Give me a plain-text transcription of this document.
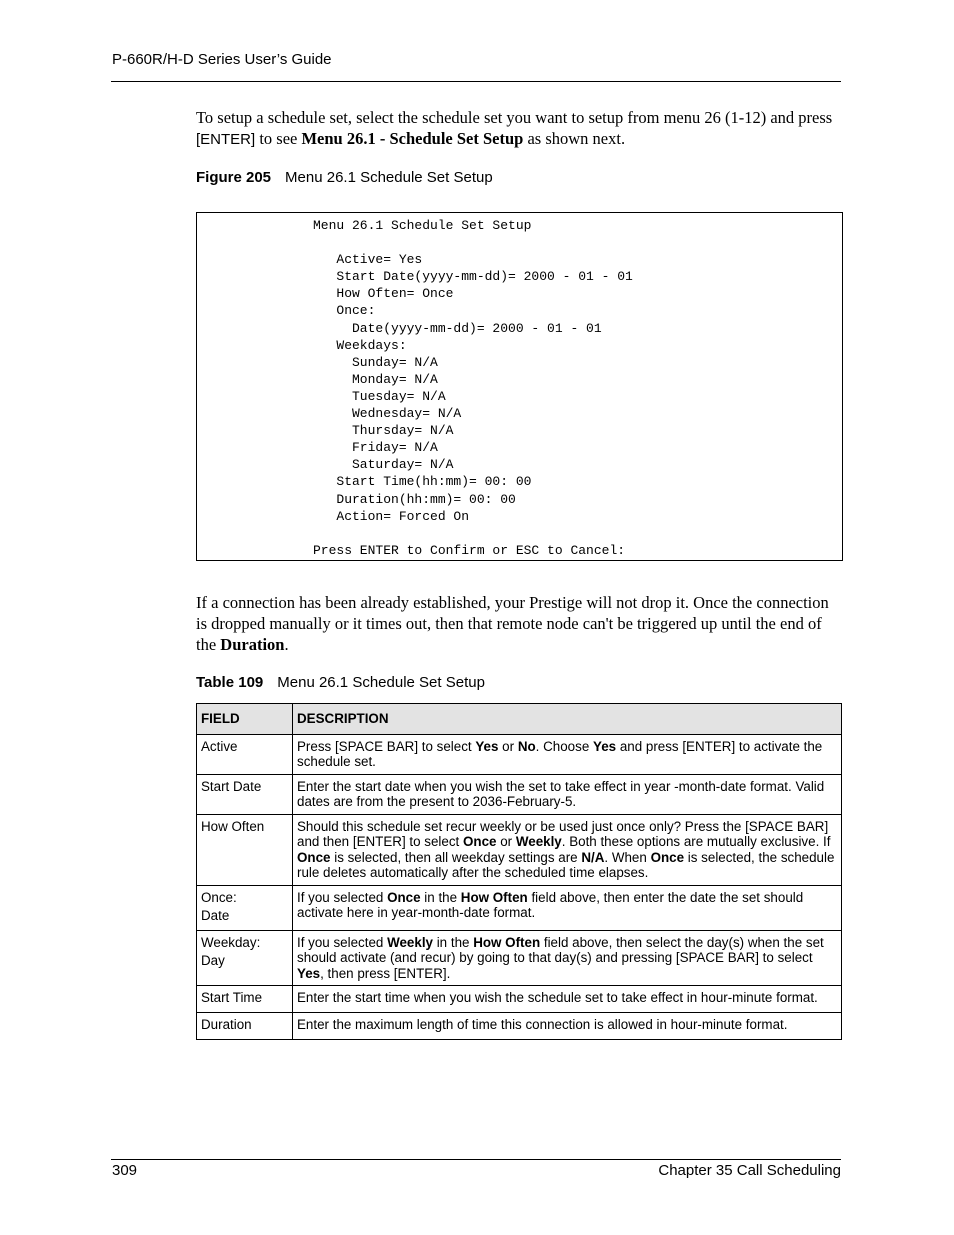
P-660R/H-D Series User’s Guide

To setup a schedule set, select the schedule set you want to setup from menu 26 (1-12) and press [ENTER] to see Menu 26.1 - Schedule Set Setup as shown next.

Figure 205 Menu 26.1 Schedule Set Setup
Menu 26.1 Schedule Set Setup

Active= Yes
Start Date(yyyy-mm-dd)= 2000 - 01 - 01
How Often= Once
Once:
Date(yyyy-mm-dd)= 2000 - 01 - 01
Weekdays:
Sunday= N/A
Monday= N/A
Tuesday= N/A
Wednesday= N/A
Thursday= N/A
Friday= N/A
Saturday= N/A
Start Time(hh:mm)= 00: 00
Duration(hh:mm)= 00: 00
Action= Forced On

Press ENTER to Confirm or ESC to Cancel:

If a connection has been already established, your Prestige will not drop it. Once the connection is dropped manually or it times out, then that remote node can't be triggered up until the end of the Duration.

Table 109 Menu 26.1 Schedule Set Setup
FIELD	DESCRIPTION

Active	Press [SPACE BAR] to select Yes or No. Choose Yes and press [ENTER] to activate the schedule set.

Start Date	Enter the start date when you wish the set to take effect in year -month-date format. Valid dates are from the present to 2036-February-5.

How Often	Should this schedule set recur weekly or be used just once only? Press the [SPACE BAR] and then [ENTER] to select Once or Weekly. Both these options are mutually exclusive. If Once is selected, then all weekday settings are N/A. When Once is selected, the schedule rule deletes automatically after the scheduled time elapses.

Once:
Date	If you selected Once in the How Often field above, then enter the date the set should activate here in year-month-date format.

Weekday:
Day	If you selected Weekly in the How Often field above, then select the day(s) when the set should activate (and recur) by going to that day(s) and pressing [SPACE BAR] to select Yes, then press [ENTER].

Start Time	Enter the start time when you wish the schedule set to take effect in hour-minute format.

Duration	Enter the maximum length of time this connection is allowed in hour-minute format.
309	Chapter 35 Call Scheduling
